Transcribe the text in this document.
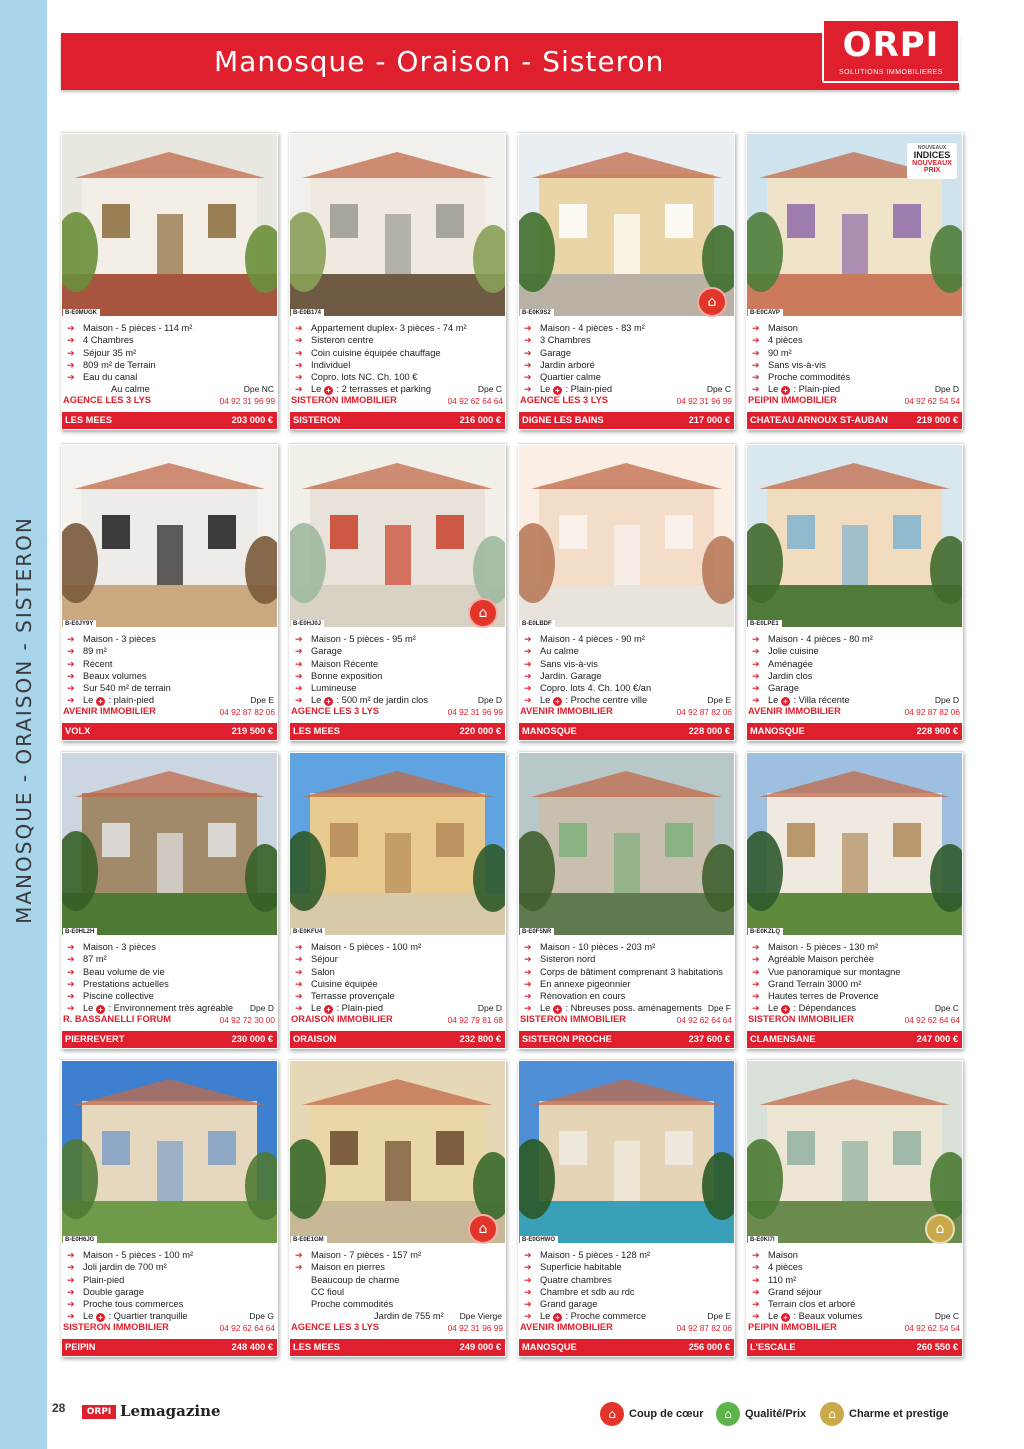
MANOSQUE - ORAISON - SISTERON
28
Manosque - Oraison - Sisteron	ORPI
SOLUTIONS IMMOBILIERES
B-E0MUGK
➔ Maison - 5 pièces - 114 m²
➔ 4 Chambres
➔ Séjour 35 m²
➔ 809 m² de Terrain
➔ Eau du canal
Au calme	Dpe NC
AGENCE LES 3 LYS	04 92 31 96 99
LES MEES	203 000 €
B-E0B174
➔ Appartement duplex- 3 pièces - 74 m²
➔ Sisteron centre
➔ Coin cuisine équipée chauffage
➔ Individuel
➔ Copro. lots NC. Ch. 100 €
➔ Le + : 2 terrasses et parking	Dpe C
SISTERON IMMOBILIER	04 92 62 64 64
SISTERON	216 000 €
⌂
B-E0K9S2
➔ Maison - 4 pièces - 83 m²
➔ 3 Chambres
➔ Garage
➔ Jardin arboré
➔ Quartier calme
➔ Le + : Plain-pied	Dpe C
AGENCE LES 3 LYS	04 92 31 96 99
DIGNE LES BAINS	217 000 €
NOUVEAUX
INDICES
NOUVEAUX PRIX
B-E0CAVP
➔ Maison
➔ 4 pièces
➔ 90 m²
➔ Sans vis-à-vis
➔ Proche commodités
➔ Le + : Plain-pied	Dpe D
PEIPIN IMMOBILIER	04 92 62 54 54
CHATEAU ARNOUX ST-AUBAN	219 000 €
B-E0JY9Y
➔ Maison - 3 pièces
➔ 89 m²
➔ Récent
➔ Beaux volumes
➔ Sur 540 m² de terrain
➔ Le + : plain-pied	Dpe E
AVENIR IMMOBILIER	04 92 87 82 06
VOLX	219 500 €
⌂
B-E0HJ0J
➔ Maison - 5 pièces - 95 m²
➔ Garage
➔ Maison Récente
➔ Bonne exposition
➔ Lumineuse
➔ Le + : 500 m² de jardin clos	Dpe D
AGENCE LES 3 LYS	04 92 31 96 99
LES MEES	220 000 €
B-E0LBDF
➔ Maison - 4 pièces - 90 m²
➔ Au calme
➔ Sans vis-à-vis
➔ Jardin. Garage
➔ Copro. lots 4. Ch. 100 €/an
➔ Le + : Proche centre ville	Dpe E
AVENIR IMMOBILIER	04 92 87 82 06
MANOSQUE	228 000 €
B-E0LPE1
➔ Maison - 4 pièces - 80 m²
➔ Jolie cuisine
➔ Aménagée
➔ Jardin clos
➔ Garage
➔ Le + : Villa récente	Dpe D
AVENIR IMMOBILIER	04 92 87 82 06
MANOSQUE	228 900 €
B-E0HL2H
➔ Maison - 3 pièces
➔ 87 m²
➔ Beau volume de vie
➔ Prestations actuelles
➔ Piscine collective
➔ Le + : Environnement très agréable Dpe D
R. BASSANELLI FORUM	04 92 72 30 00
PIERREVERT	230 000 €
B-E0KFU4
➔ Maison - 5 pièces - 100 m²
➔ Séjour
➔ Salon
➔ Cuisine équipée
➔ Terrasse provençale
➔ Le + : Plain-pied	Dpe D
ORAISON IMMOBILIER	04 92 79 81 68
ORAISON	232 800 €
B-E0F5NR
➔ Maison - 10 pièces - 203 m²
➔ Sisteron nord
➔ Corps de bâtiment comprenant 3 habitations
➔ En annexe pigeonnier
➔ Rénovation en cours
➔ Le + : Nbreuses poss. aménagements Dpe F
SISTERON IMMOBILIER	04 92 62 64 64
SISTERON PROCHE	237 600 €
B-E0KZLQ
➔ Maison - 5 pièces - 130 m²
➔ Agréable Maison perchée
➔ Vue panoramique sur montagne
➔ Grand Terrain 3000 m²
➔ Hautes terres de Provence
➔ Le + : Dépendances	Dpe C
SISTERON IMMOBILIER	04 92 62 64 64
CLAMENSANE	247 000 €
B-E0H6JG
➔ Maison - 5 pièces - 100 m²
➔ Joli jardin de 700 m²
➔ Plain-pied
➔ Double garage
➔ Proche tous commerces
➔ Le + : Quartier tranquille	Dpe G
SISTERON IMMOBILIER	04 92 62 64 64
PEIPIN	248 400 €
⌂
B-E0E1GM
➔ Maison - 7 pièces - 157 m²
➔ Maison en pierres
Beaucoup de charme
CC fioul
Proche commodités
Jardin de 755 m² Dpe Vierge
AGENCE LES 3 LYS	04 92 31 96 99
LES MEES	249 000 €
B-E0GHWO
➔ Maison - 5 pièces - 128 m²
➔ Superficie habitable
➔ Quatre chambres
➔ Chambre et sdb au rdc
➔ Grand garage
➔ Le + : Proche commerce	Dpe E
AVENIR IMMOBILIER	04 92 87 82 06
MANOSQUE	256 000 €
⌂
B-E0KI7I
➔ Maison
➔ 4 pièces
➔ 110 m²
➔ Grand séjour
➔ Terrain clos et arboré
➔ Le + : Beaux volumes	Dpe C
PEIPIN IMMOBILIER	04 92 62 54 54
L'ESCALE	260 550 €
ORPI Lemagazine	⌂	Coup de cœur	⌂	Qualité/Prix	⌂	Charme et prestige
